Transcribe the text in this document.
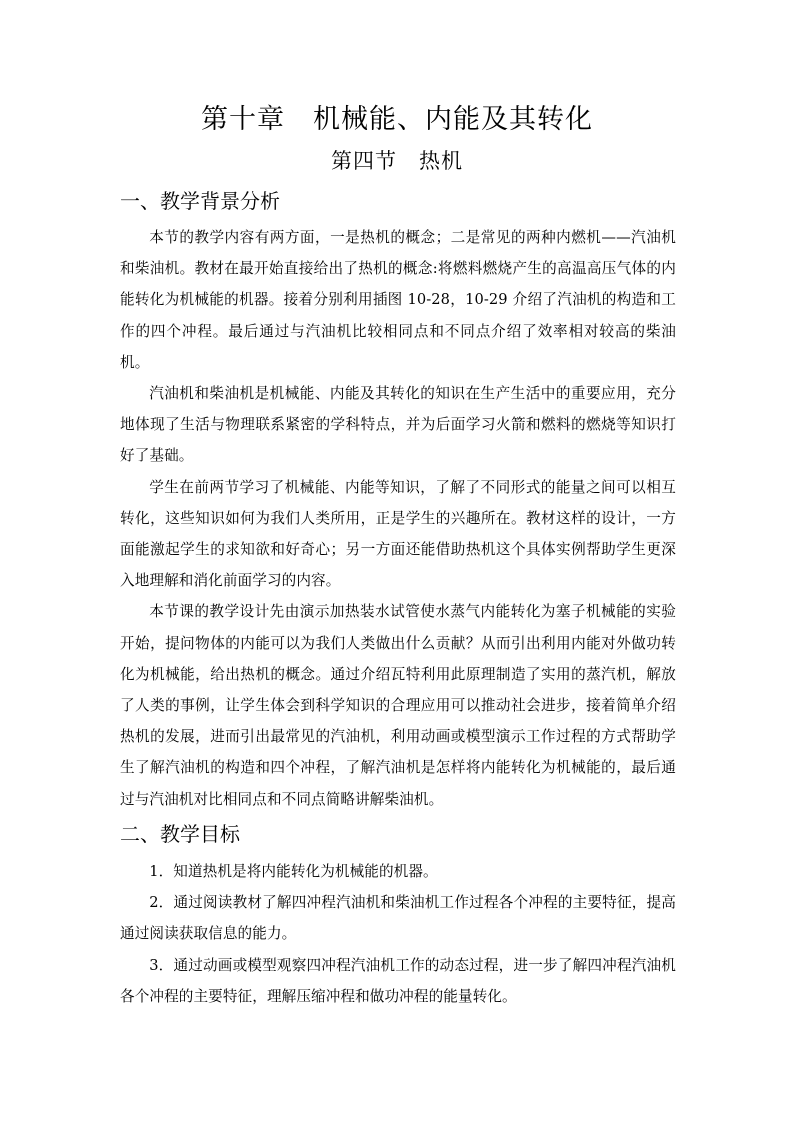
第十章　机械能、内能及其转化
第四节　热机
一、教学背景分析

本节的教学内容有两方面，一是热机的概念；二是常见的两种内燃机——汽油机和柴油机。教材在最开始直接给出了热机的概念:将燃料燃烧产生的高温高压气体的内能转化为机械能的机器。接着分别利用插图 10-28，10-29 介绍了汽油机的构造和工作的四个冲程。最后通过与汽油机比较相同点和不同点介绍了效率相对较高的柴油机。

汽油机和柴油机是机械能、内能及其转化的知识在生产生活中的重要应用，充分地体现了生活与物理联系紧密的学科特点，并为后面学习火箭和燃料的燃烧等知识打好了基础。

学生在前两节学习了机械能、内能等知识，了解了不同形式的能量之间可以相互转化，这些知识如何为我们人类所用，正是学生的兴趣所在。教材这样的设计，一方面能激起学生的求知欲和好奇心；另一方面还能借助热机这个具体实例帮助学生更深入地理解和消化前面学习的内容。

本节课的教学设计先由演示加热装水试管使水蒸气内能转化为塞子机械能的实验开始，提问物体的内能可以为我们人类做出什么贡献？从而引出利用内能对外做功转化为机械能，给出热机的概念。通过介绍瓦特利用此原理制造了实用的蒸汽机，解放了人类的事例，让学生体会到科学知识的合理应用可以推动社会进步，接着简单介绍热机的发展，进而引出最常见的汽油机，利用动画或模型演示工作过程的方式帮助学生了解汽油机的构造和四个冲程，了解汽油机是怎样将内能转化为机械能的，最后通过与汽油机对比相同点和不同点简略讲解柴油机。

二、教学目标

1．知道热机是将内能转化为机械能的机器。

2．通过阅读教材了解四冲程汽油机和柴油机工作过程各个冲程的主要特征，提高通过阅读获取信息的能力。

3．通过动画或模型观察四冲程汽油机工作的动态过程，进一步了解四冲程汽油机各个冲程的主要特征，理解压缩冲程和做功冲程的能量转化。
